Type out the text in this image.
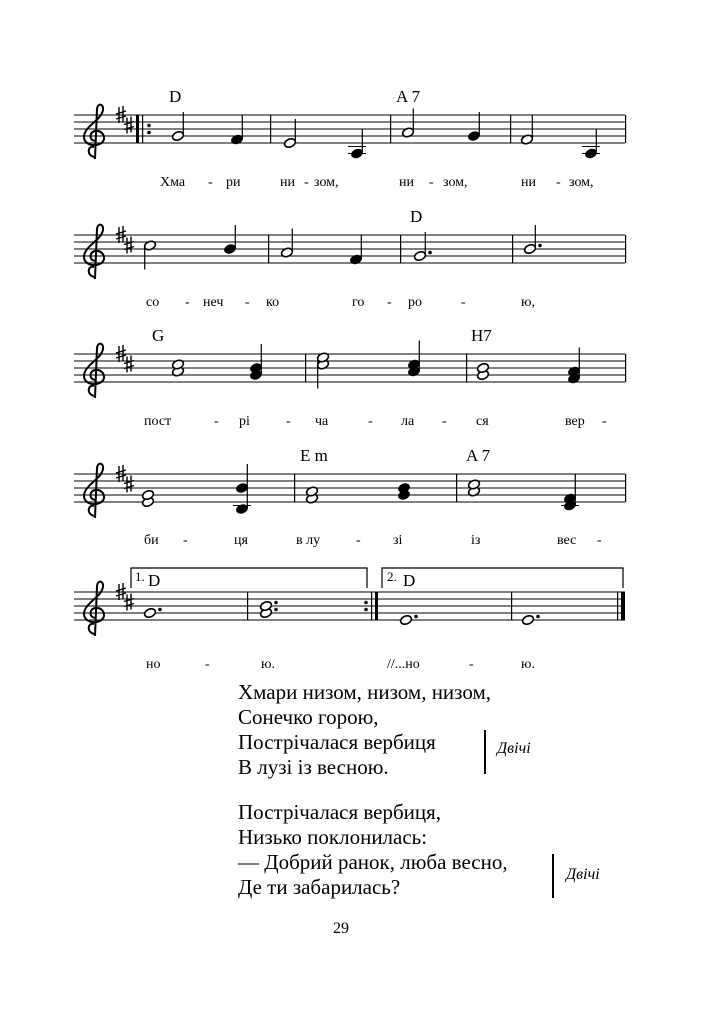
D	A 7
D
G	H7
E m	A 7
1.	2.
D	D
Хма - ри	ни - зом,	ни - зом,	ни - зом,
со - неч - ко	го - ро	-	ю,
пост	- рі	- ча	- ла - ся	вер -
би -	ця	в лу	- зі	із	вес -
но	-	ю.	//...но	-	ю.
Хмари низом, низом, низом,
Сонечко горою,
Пострічалася вербиця
В лузі із весною.
Двічі
Пострічалася вербиця,
Низько поклонилась:
— Добрий ранок, люба весно,
Де ти забарилась?
Двічі
29
